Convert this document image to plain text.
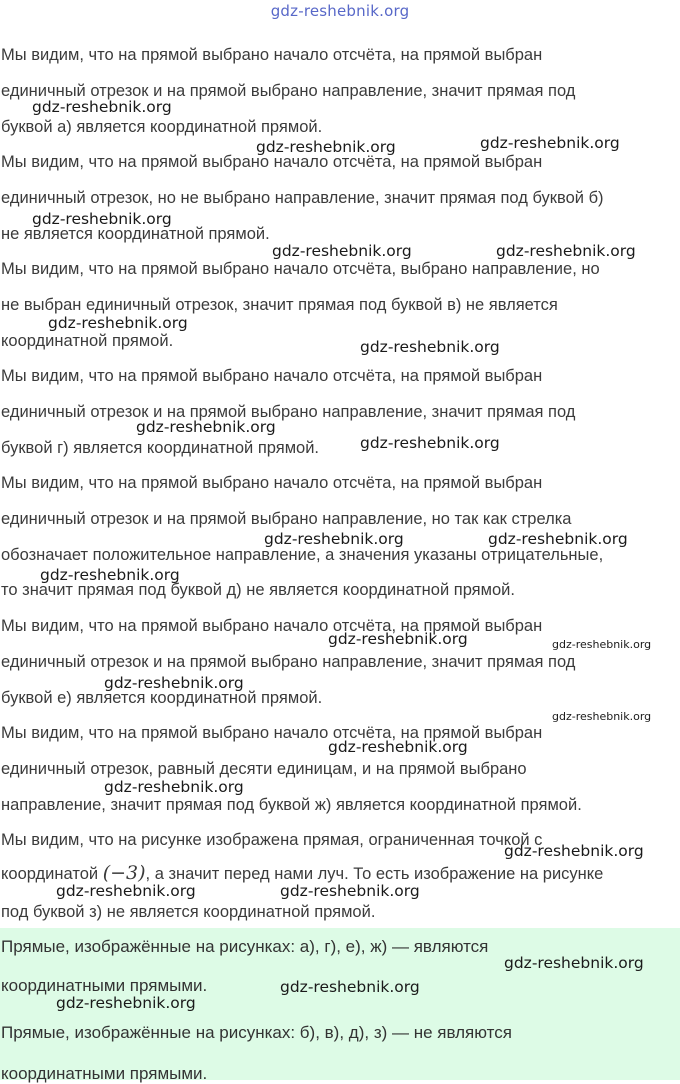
gdz-reshebnik.org
Мы видим, что на прямой выбрано начало отсчёта, на прямой выбран
единичный отрезок и на прямой выбрано направление, значит прямая под
буквой а) является координатной прямой.
Мы видим, что на прямой выбрано начало отсчёта, на прямой выбран
единичный отрезок, но не выбрано направление, значит прямая под буквой б)
не является координатной прямой.
Мы видим, что на прямой выбрано начало отсчёта, выбрано направление, но
не выбран единичный отрезок, значит прямая под буквой в) не является
координатной прямой.
Мы видим, что на прямой выбрано начало отсчёта, на прямой выбран
единичный отрезок и на прямой выбрано направление, значит прямая под
буквой г) является координатной прямой.
Мы видим, что на прямой выбрано начало отсчёта, на прямой выбран
единичный отрезок и на прямой выбрано направление, но так как стрелка
обозначает положительное направление, а значения указаны отрицательные,
то значит прямая под буквой д) не является координатной прямой.
Мы видим, что на прямой выбрано начало отсчёта, на прямой выбран
единичный отрезок и на прямой выбрано направление, значит прямая под
буквой е) является координатной прямой.
Мы видим, что на прямой выбрано начало отсчёта, на прямой выбран
единичный отрезок, равный десяти единицам, и на прямой выбрано
направление, значит прямая под буквой ж) является координатной прямой.
Мы видим, что на рисунке изображена прямая, ограниченная точкой с
координатой (−3), а значит перед нами луч. То есть изображение на рисунке
под буквой з) не является координатной прямой.
Прямые, изображённые на рисунках: а), г), е), ж) — являются
координатными прямыми.
Прямые, изображённые на рисунках: б), в), д), з) — не являются
координатными прямыми.
gdz-reshebnik.org
gdz-reshebnik.org	gdz-reshebnik.org
gdz-reshebnik.org
gdz-reshebnik.org	gdz-reshebnik.org
gdz-reshebnik.org
gdz-reshebnik.org
gdz-reshebnik.org
gdz-reshebnik.org
gdz-reshebnik.org	gdz-reshebnik.org
gdz-reshebnik.org
gdz-reshebnik.org	gdz-reshebnik.org
gdz-reshebnik.org
gdz-reshebnik.org
gdz-reshebnik.org
gdz-reshebnik.org
gdz-reshebnik.org
gdz-reshebnik.org	gdz-reshebnik.org
gdz-reshebnik.org
gdz-reshebnik.org
gdz-reshebnik.org
